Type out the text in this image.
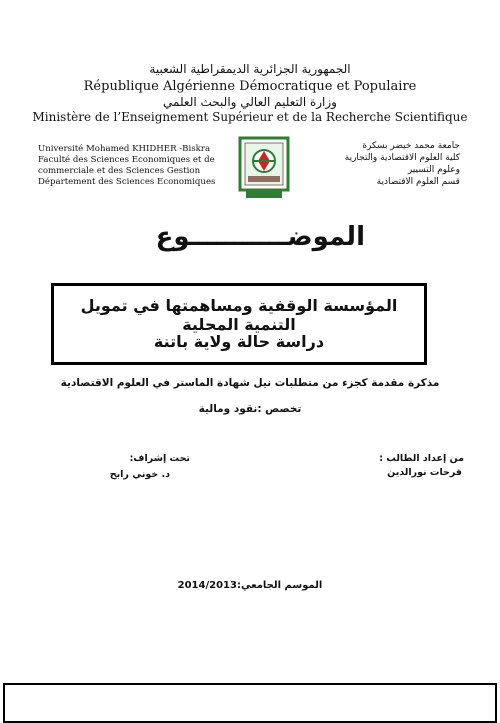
الجمهورية الجزائرية الديمقراطية الشعبية
République Algérienne Démocratique et Populaire
وزارة التعليم العالي والبحث العلمي
Ministère de l’Enseignement Supérieur et de la Recherche Scientifique
Université Mohamed KHIDHER -Biskra
Faculté des Sciences Economiques et de
commerciale et des Sciences Gestion
Département des Sciences Economiques
جامعة محمد خيضر بسكرة
كلية العلوم الاقتصادية والتجارية
وعلوم التسيير
قسم العلوم الاقتصادية
الموضـــــــــــوع
المؤسسة الوقفية ومساهمتها في تمويل التنمية المحلية
دراسة حالة ولاية باتنة
مذكرة مقدمة كجزء من متطلبات نيل شهادة الماستر في العلوم الاقتصادية
تخصص :نقود ومالية
من إعداد الطالب :
فرحات نورالدين
تحت إشراف:
د. خوني رابح
الموسم الجامعي:2014/2013
